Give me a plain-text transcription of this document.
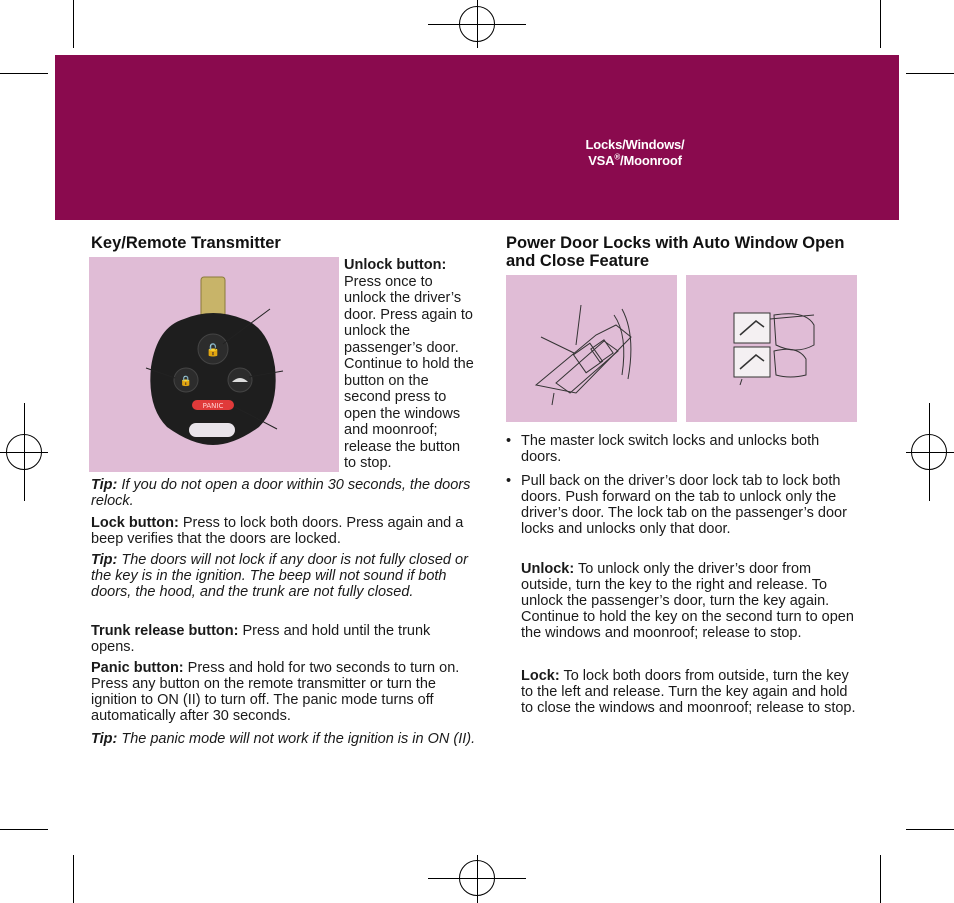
Locks/Windows/
VSA®/Moonroof
Key/Remote Transmitter
🔓
🔒
PANIC
Unlock button:
Press once to unlock the driver’s door. Press again to unlock the passenger’s door. Continue to hold the button on the second press to open the windows and moonroof; release the button to stop.
Tip: If you do not open a door within 30 seconds, the doors relock.
Lock button: Press to lock both doors. Press again and a beep verifies that the doors are locked.
Tip: The doors will not lock if any door is not fully closed or the key is in the ignition. The beep will not sound if both doors, the hood, and the trunk are not fully closed.
Trunk release button: Press and hold until the trunk opens.
Panic button: Press and hold for two seconds to turn on. Press any button on the remote transmitter or turn the ignition to ON (II) to turn off. The panic mode turns off automatically after 30 seconds.
Tip: The panic mode will not work if the ignition is in ON (II).
Power Door Locks with Auto Window Open and Close Feature
• The master lock switch locks and unlocks both doors.
• Pull back on the driver’s door lock tab to lock both doors. Push forward on the tab to unlock only the driver’s door. The lock tab on the passenger’s door locks and unlocks only that door.
Unlock: To unlock only the driver’s door from outside, turn the key to the right and release. To unlock the passenger’s door, turn the key again. Continue to hold the key on the second turn to open the windows and moonroof; release to stop.
Lock: To lock both doors from outside, turn the key to the left and release. Turn the key again and hold to close the windows and moonroof; release to stop.
